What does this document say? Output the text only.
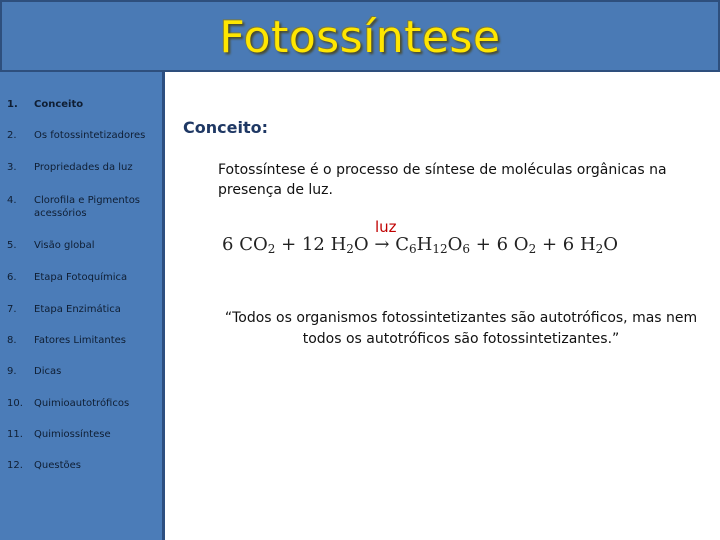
Fotossíntese
1.	Conceito
2.	Os fotossintetizadores
3.	Propriedades da luz
4.	Clorofila e Pigmentos acessórios
5.	Visão global
6.	Etapa Fotoquímica
7.	Etapa Enzimática
8.	Fatores Limitantes
9.	Dicas
10.	Quimioautotróficos
11.	Quimiossíntese
12.	Questões
Conceito:

Fotossíntese é o processo de síntese de moléculas orgânicas na presença de luz.

luz
6 $CO_2 + 12$ $H_2O \to C_6H_{12}O_6 + 6$ $O_2 + 6$ $H_2O$

“Todos os organismos fotossintetizantes são autotróficos, mas nem todos os autotróficos são fotossintetizantes.”
